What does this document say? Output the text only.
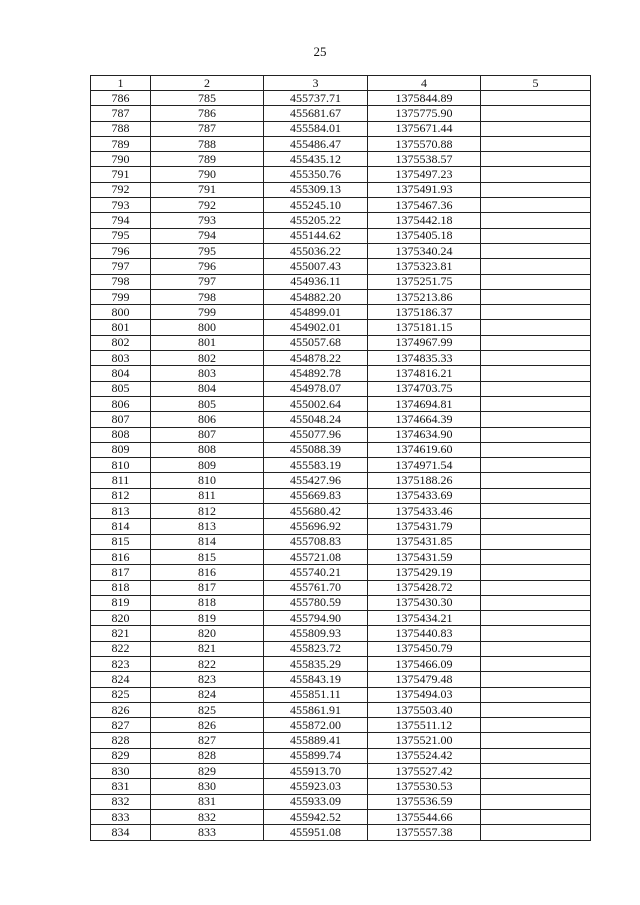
25
1	2	3	4	5
786	785	455737.71	1375844.89	
787	786	455681.67	1375775.90	
788	787	455584.01	1375671.44	
789	788	455486.47	1375570.88	
790	789	455435.12	1375538.57	
791	790	455350.76	1375497.23	
792	791	455309.13	1375491.93	
793	792	455245.10	1375467.36	
794	793	455205.22	1375442.18	
795	794	455144.62	1375405.18	
796	795	455036.22	1375340.24	
797	796	455007.43	1375323.81	
798	797	454936.11	1375251.75	
799	798	454882.20	1375213.86	
800	799	454899.01	1375186.37	
801	800	454902.01	1375181.15	
802	801	455057.68	1374967.99	
803	802	454878.22	1374835.33	
804	803	454892.78	1374816.21	
805	804	454978.07	1374703.75	
806	805	455002.64	1374694.81	
807	806	455048.24	1374664.39	
808	807	455077.96	1374634.90	
809	808	455088.39	1374619.60	
810	809	455583.19	1374971.54	
811	810	455427.96	1375188.26	
812	811	455669.83	1375433.69	
813	812	455680.42	1375433.46	
814	813	455696.92	1375431.79	
815	814	455708.83	1375431.85	
816	815	455721.08	1375431.59	
817	816	455740.21	1375429.19	
818	817	455761.70	1375428.72	
819	818	455780.59	1375430.30	
820	819	455794.90	1375434.21	
821	820	455809.93	1375440.83	
822	821	455823.72	1375450.79	
823	822	455835.29	1375466.09	
824	823	455843.19	1375479.48	
825	824	455851.11	1375494.03	
826	825	455861.91	1375503.40	
827	826	455872.00	1375511.12	
828	827	455889.41	1375521.00	
829	828	455899.74	1375524.42	
830	829	455913.70	1375527.42	
831	830	455923.03	1375530.53	
832	831	455933.09	1375536.59	
833	832	455942.52	1375544.66	
834	833	455951.08	1375557.38	
